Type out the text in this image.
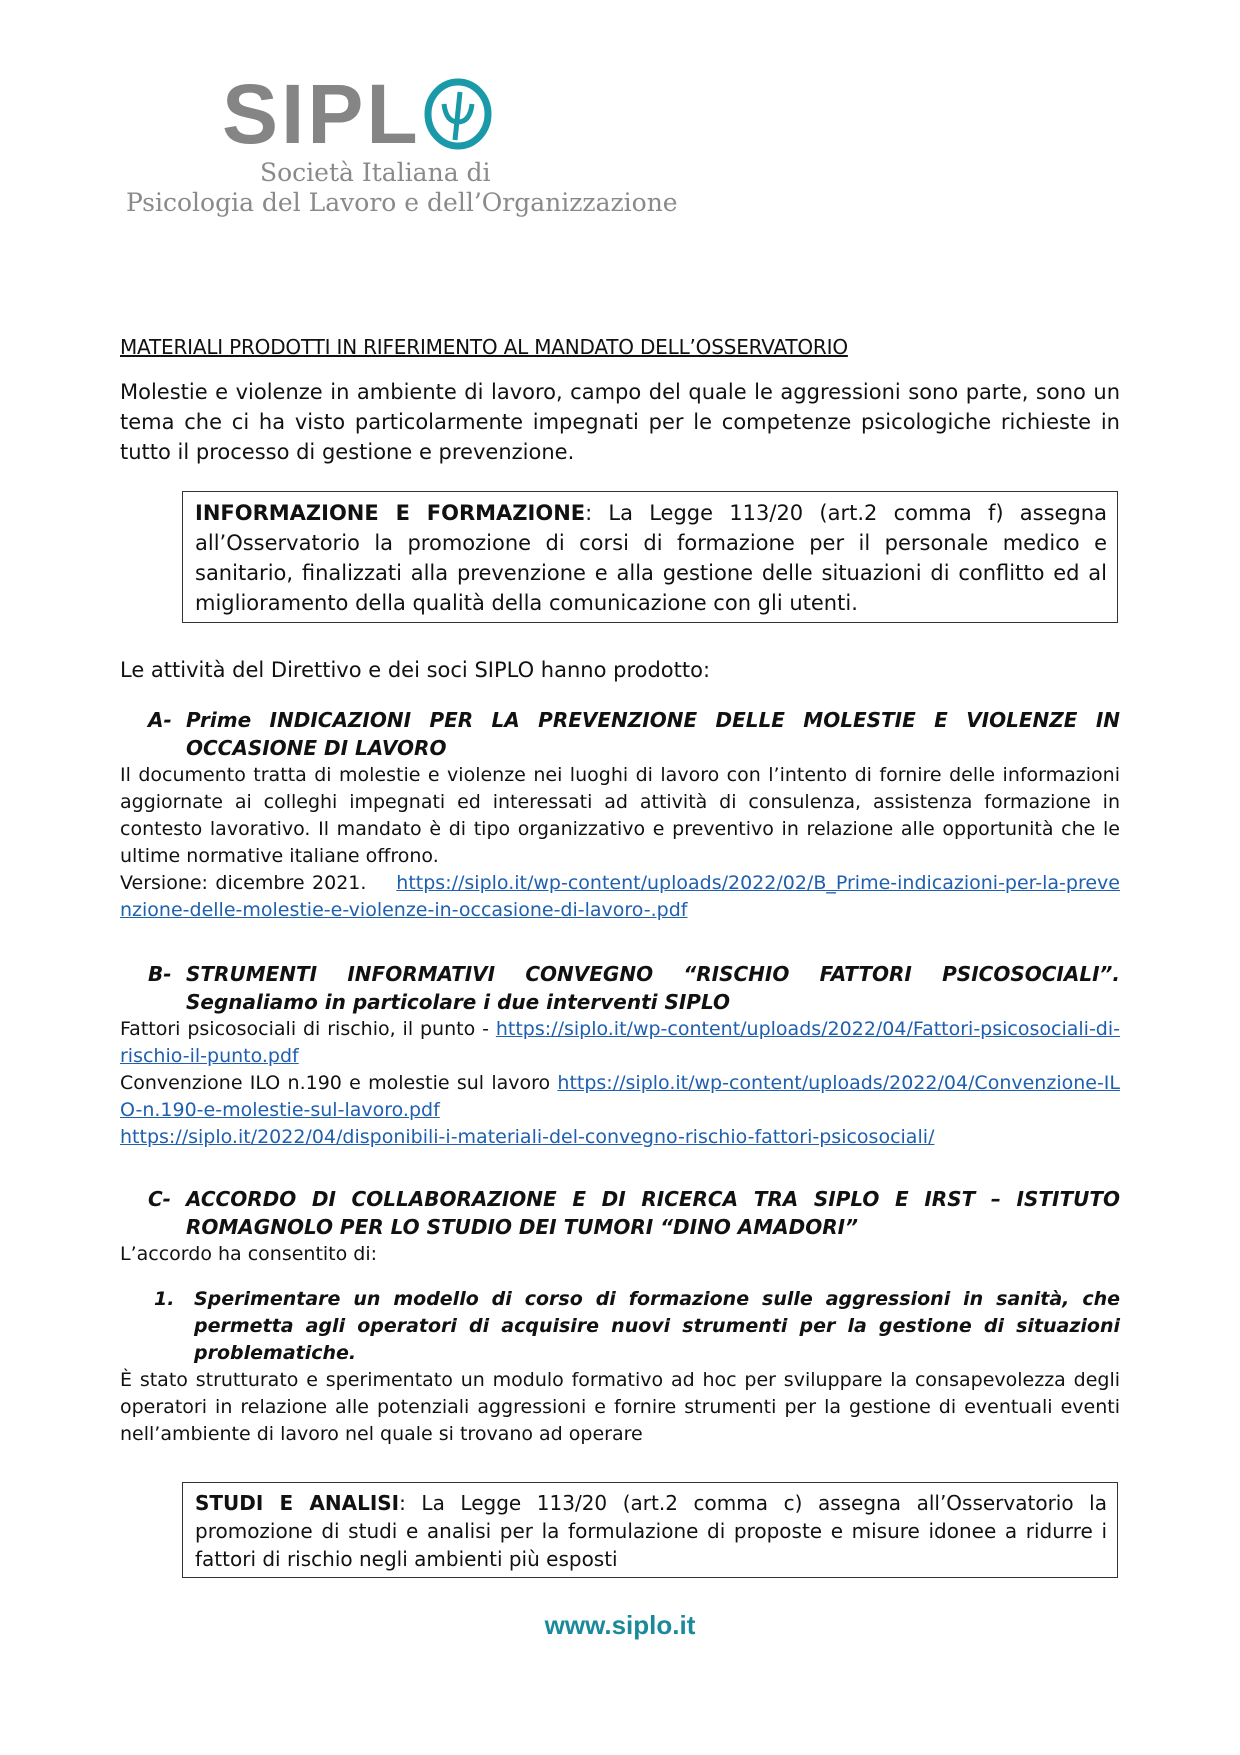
SIPL
Società Italiana di
Psicologia del Lavoro e dell’Organizzazione

MATERIALI PRODOTTI IN RIFERIMENTO AL MANDATO DELL’OSSERVATORIO

Molestie e violenze in ambiente di lavoro, campo del quale le aggressioni sono parte, sono un tema che ci ha visto particolarmente impegnati per le competenze psicologiche richieste in tutto il processo di gestione e prevenzione.

INFORMAZIONE E FORMAZIONE: La Legge 113/20 (art.2 comma f) assegna all’Osservatorio la promozione di corsi di formazione per il personale medico e sanitario, finalizzati alla prevenzione e alla gestione delle situazioni di conflitto ed al miglioramento della qualità della comunicazione con gli utenti.

Le attività del Direttivo e dei soci SIPLO hanno prodotto:

A- Prime INDICAZIONI PER LA PREVENZIONE DELLE MOLESTIE E VIOLENZE IN OCCASIONE DI LAVORO

Il documento tratta di molestie e violenze nei luoghi di lavoro con l’intento di fornire delle informazioni aggiornate ai colleghi impegnati ed interessati ad attività di consulenza, assistenza formazione in contesto lavorativo. Il mandato è di tipo organizzativo e preventivo in relazione alle opportunità che le ultime normative italiane offrono.

Versione: dicembre 2021. https://siplo.it/wp-content/uploads/2022/02/B_Prime-indicazioni-per-la-prevenzione-delle-molestie-e-violenze-in-occasione-di-lavoro-.pdf

B- STRUMENTI INFORMATIVI CONVEGNO “RISCHIO FATTORI PSICOSOCIALI”. Segnaliamo in particolare i due interventi SIPLO

Fattori psicosociali di rischio, il punto - https://siplo.it/wp-content/uploads/2022/04/Fattori-psicosociali-di-rischio-il-punto.pdf

Convenzione ILO n.190 e molestie sul lavoro https://siplo.it/wp-content/uploads/2022/04/Convenzione-ILO-n.190-e-molestie-sul-lavoro.pdf

https://siplo.it/2022/04/disponibili-i-materiali-del-convegno-rischio-fattori-psicosociali/

C- ACCORDO DI COLLABORAZIONE E DI RICERCA TRA SIPLO E IRST – ISTITUTO ROMAGNOLO PER LO STUDIO DEI TUMORI “DINO AMADORI”

L’accordo ha consentito di:

1.	Sperimentare un modello di corso di formazione sulle aggressioni in sanità, che permetta agli operatori di acquisire nuovi strumenti per la gestione di situazioni problematiche.

È stato strutturato e sperimentato un modulo formativo ad hoc per sviluppare la consapevolezza degli operatori in relazione alle potenziali aggressioni e fornire strumenti per la gestione di eventuali eventi nell’ambiente di lavoro nel quale si trovano ad operare

STUDI E ANALISI: La Legge 113/20 (art.2 comma c) assegna all’Osservatorio la promozione di studi e analisi per la formulazione di proposte e misure idonee a ridurre i fattori di rischio negli ambienti più esposti
www.siplo.it
